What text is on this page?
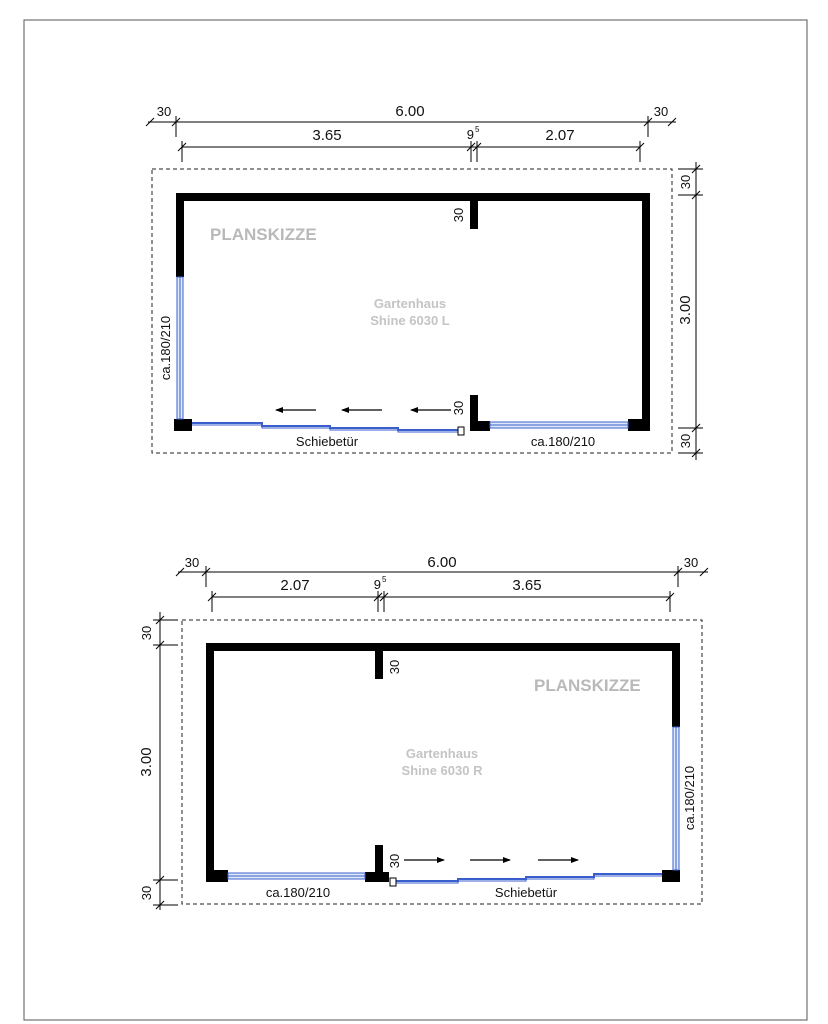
6.00
30	30
3.65	2.07
9 5
30
3.00
30
30
30
ca.180/210
ca.180/210
Schiebetür
PLANSKIZZE
Gartenhaus
Shine 6030 L
6.00
30	30
2.07	3.65
9 5
30
3.00
30
30
30
ca.180/210
ca.180/210	Schiebetür
PLANSKIZZE
Gartenhaus
Shine 6030 R
